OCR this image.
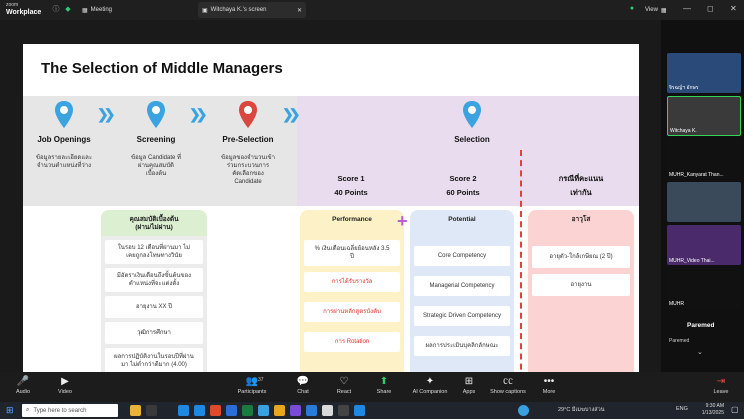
zoom
Workplace ⓘ ◆ ▦ Meeting	▣ Witchaya K.'s screen	✕	●	View ▦ — ◻ ✕
The Selection of Middle Managers
❯❯	❯❯	❯❯
Job Openings	Screening	Pre-Selection	Selection
ข้อมูลรายละเอียดและ
จำนวนตำแหน่งที่ว่าง
ข้อมูล Candidate ที่
ผ่านคุณสมบัติ
เบื้องต้น
ข้อมูลของจำนวนเข้า
ร่วมกระบวนการ
คัดเลือกของ
Candidate	Score 1
40 Points
Score 2
60 Points
กรณีที่คะแนน
เท่ากัน
คุณสมบัติเบื้องต้น
(ผ่าน/ไม่ผ่าน)
ในรอบ 12 เดือนที่ผ่านมา ไม่
เคยถูกลงโทษทางวินัย
มีอัตราเงินเดือนถึงขั้นต้นของ
ตำแหน่งที่จะแต่งตั้ง
อายุงาน XX ปี
วุฒิการศึกษา
ผลการปฏิบัติงานในรอบปีที่ผ่าน
มา ไม่ต่ำกว่าดีมาก (4.00)
Performance
% เงินเดือนเฉลี่ยย้อนหลัง 3.5
ปี
การได้รับรางวัล
การผ่านหลักสูตรบังคับ
การ Rotation
+	Potential
Core Competency
Managerial Competency
Strategic Driven Competency
ผลการประเมินบุคลิกลักษณะ
อาวุโส
อายุตัว-ใกล้เกษียณ (2 ปี)
อายุงาน
จิรฉญ์ฯ อักษร
Witchaya K.
MUHR_Kanyarat Than...
MUHR_Video Thai...
MUHR
Paremed
Paremed
⌄
🎤
Audio
▶
Video
👥
Participants
💬
Chat
♡
React
⬆
Share
✦
AI Companion
⊞
Apps
㏄
Show captions
•••
More
⇥
Leave
37
⊞ ⌕ Type here to search	29°C มีเมฆบางส่วน	ENG	9:30 AM
1/13/2025 ▢
